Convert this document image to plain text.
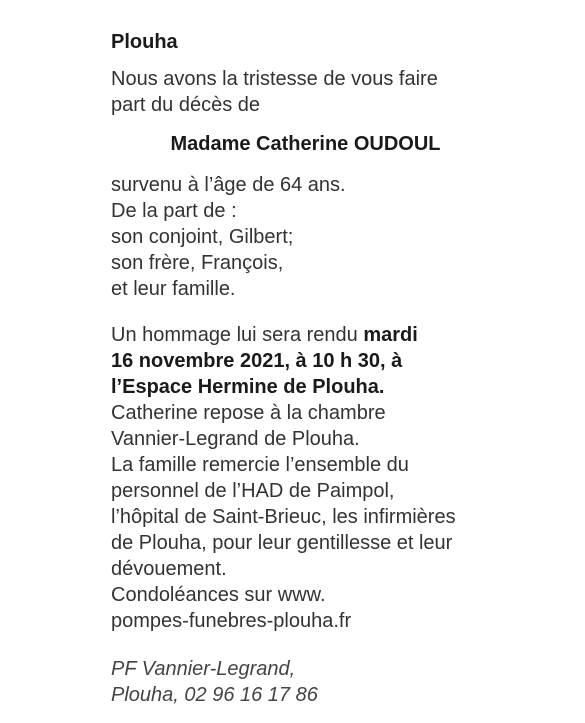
Plouha
Nous avons la tristesse de vous faire
part du décès de
Madame Catherine OUDOUL
survenu à l’âge de 64 ans.
De la part de :
son conjoint, Gilbert;
son frère, François,
et leur famille.
Un hommage lui sera rendu mardi
16 novembre 2021, à 10 h 30, à
l’Espace Hermine de Plouha.
Catherine repose à la chambre
Vannier-Legrand de Plouha.
La famille remercie l’ensemble du
personnel de l’HAD de Paimpol,
l’hôpital de Saint-Brieuc, les infirmières
de Plouha, pour leur gentillesse et leur
dévouement.
Condoléances sur www.
pompes-funebres-plouha.fr
PF Vannier-Legrand,
Plouha, 02 96 16 17 86
